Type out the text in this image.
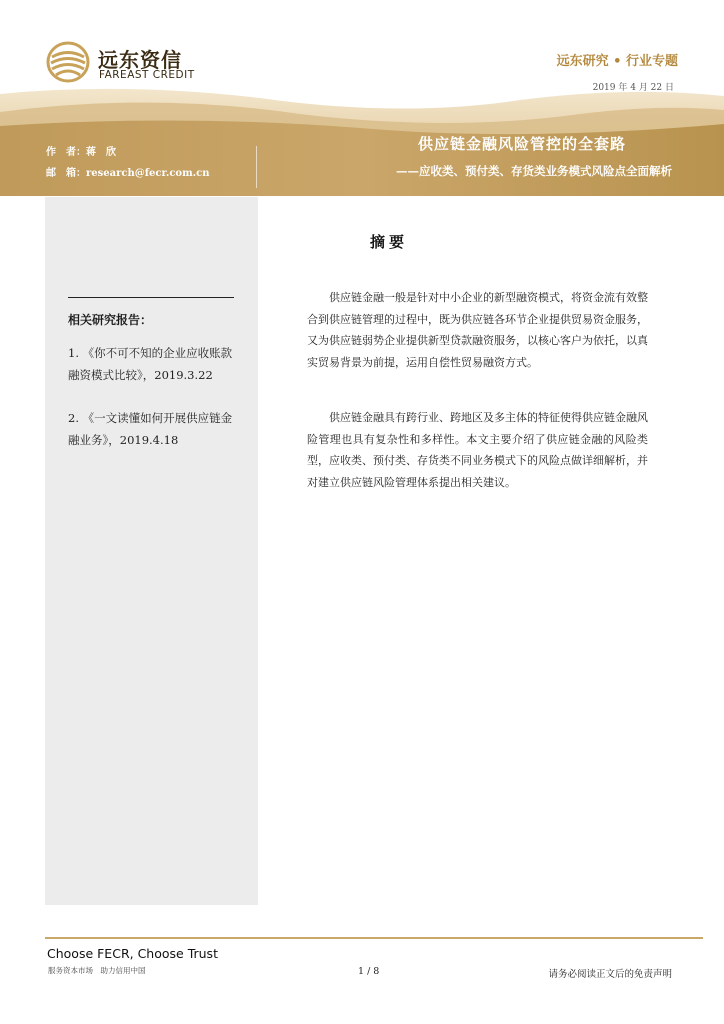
远东资信
FAREAST CREDIT
远东研究 • 行业专题
2019 年 4 月 22 日
作　者：蒋　欣
邮　箱：research@fecr.com.cn
供应链金融风险管控的全套路
——应收类、预付类、存货类业务模式风险点全面解析
相关研究报告：
1. 《你不可不知的企业应收账款融资模式比较》，2019.3.22
2. 《一文读懂如何开展供应链金融业务》，2019.4.18
摘要
供应链金融一般是针对中小企业的新型融资模式，将资金流有效整合到供应链管理的过程中，既为供应链各环节企业提供贸易资金服务，又为供应链弱势企业提供新型贷款融资服务，以核心客户为依托，以真实贸易背景为前提，运用自偿性贸易融资方式。
供应链金融具有跨行业、跨地区及多主体的特征使得供应链金融风险管理也具有复杂性和多样性。本文主要介绍了供应链金融的风险类型，应收类、预付类、存货类不同业务模式下的风险点做详细解析，并对建立供应链风险管理体系提出相关建议。
Choose FECR, Choose Trust
服务资本市场　助力信用中国	1 / 8	请务必阅读正文后的免责声明
